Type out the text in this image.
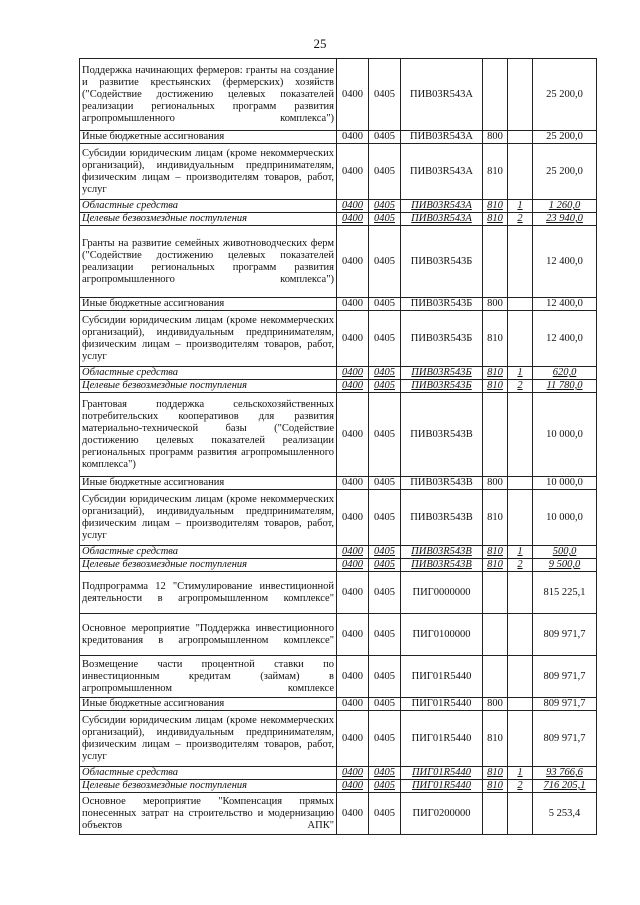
25
Поддержка начинающих фермеров: гранты на создание и развитие крестьянских (фермерских) хозяйств ("Содействие достижению целевых показателей реализации региональных программ развития агропромышленного комплекса")	0400	0405	ПИВ03R543А			25 200,0
Иные бюджетные ассигнования	0400	0405	ПИВ03R543А	800		25 200,0
Субсидии юридическим лицам (кроме некоммерческих организаций), индивидуальным предпринимателям, физическим лицам – производителям товаров, работ, услуг	0400	0405	ПИВ03R543А	810		25 200,0
Областные средства	0400	0405	ПИВ03R543А	810	1	1 260,0
Целевые безвозмездные поступления	0400	0405	ПИВ03R543А	810	2	23 940,0
Гранты на развитие семейных животноводческих ферм ("Содействие достижению целевых показателей реализации региональных программ развития агропромышленного комплекса")	0400	0405	ПИВ03R543Б			12 400,0
Иные бюджетные ассигнования	0400	0405	ПИВ03R543Б	800		12 400,0
Субсидии юридическим лицам (кроме некоммерческих организаций), индивидуальным предпринимателям, физическим лицам – производителям товаров, работ, услуг	0400	0405	ПИВ03R543Б	810		12 400,0
Областные средства	0400	0405	ПИВ03R543Б	810	1	620,0
Целевые безвозмездные поступления	0400	0405	ПИВ03R543Б	810	2	11 780,0
Грантовая поддержка сельскохозяйственных потребительских кооперативов для развития материально-технической базы ("Содействие достижению целевых показателей реализации региональных программ развития агропромышленного комплекса")	0400	0405	ПИВ03R543В			10 000,0
Иные бюджетные ассигнования	0400	0405	ПИВ03R543В	800		10 000,0
Субсидии юридическим лицам (кроме некоммерческих организаций), индивидуальным предпринимателям, физическим лицам – производителям товаров, работ, услуг	0400	0405	ПИВ03R543В	810		10 000,0
Областные средства	0400	0405	ПИВ03R543В	810	1	500,0
Целевые безвозмездные поступления	0400	0405	ПИВ03R543В	810	2	9 500,0
Подпрограмма 12 "Стимулирование инвестиционной деятельности в агропромышленном комплексе"	0400	0405	ПИГ0000000			815 225,1
Основное мероприятие "Поддержка инвестиционного кредитования в агропромышленном комплексе"	0400	0405	ПИГ0100000			809 971,7
Возмещение части процентной ставки по инвестиционным кредитам (займам) в агропромышленном комплексе	0400	0405	ПИГ01R5440			809 971,7
Иные бюджетные ассигнования	0400	0405	ПИГ01R5440	800		809 971,7
Субсидии юридическим лицам (кроме некоммерческих организаций), индивидуальным предпринимателям, физическим лицам – производителям товаров, работ, услуг	0400	0405	ПИГ01R5440	810		809 971,7
Областные средства	0400	0405	ПИГ01R5440	810	1	93 766,6
Целевые безвозмездные поступления	0400	0405	ПИГ01R5440	810	2	716 205,1
Основное мероприятие "Компенсация прямых понесенных затрат на строительство и модернизацию объектов АПК"	0400	0405	ПИГ0200000			5 253,4
